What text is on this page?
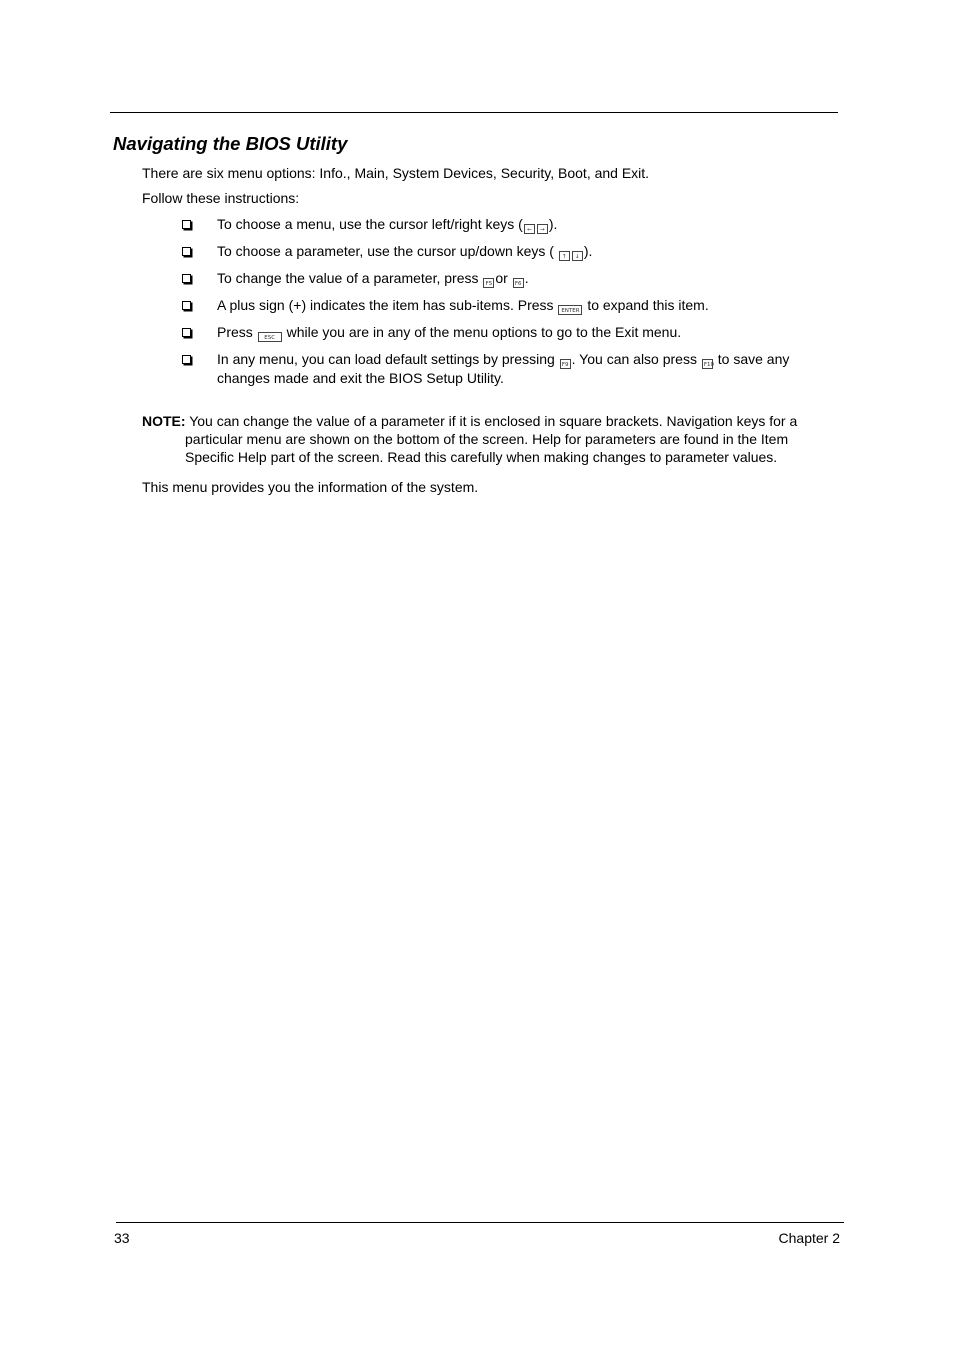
Navigating the BIOS Utility
There are six menu options: Info., Main, System Devices, Security, Boot, and Exit.
Follow these instructions:
To choose a menu, use the cursor left/right keys ( ← → ).
To choose a parameter, use the cursor up/down keys ( ↑ ↓ ).
To change the value of a parameter, press F5 or F6 .
A plus sign (+) indicates the item has sub-items. Press ENTER to expand this item.
Press ESC while you are in any of the menu options to go to the Exit menu.
In any menu, you can load default settings by pressing F9 . You can also press F10 to save any changes made and exit the BIOS Setup Utility.
NOTE: You can change the value of a parameter if it is enclosed in square brackets. Navigation keys for a
particular menu are shown on the bottom of the screen. Help for parameters are found in the Item Specific Help part of the screen. Read this carefully when making changes to parameter values.
This menu provides you the information of the system.
33	Chapter 2
